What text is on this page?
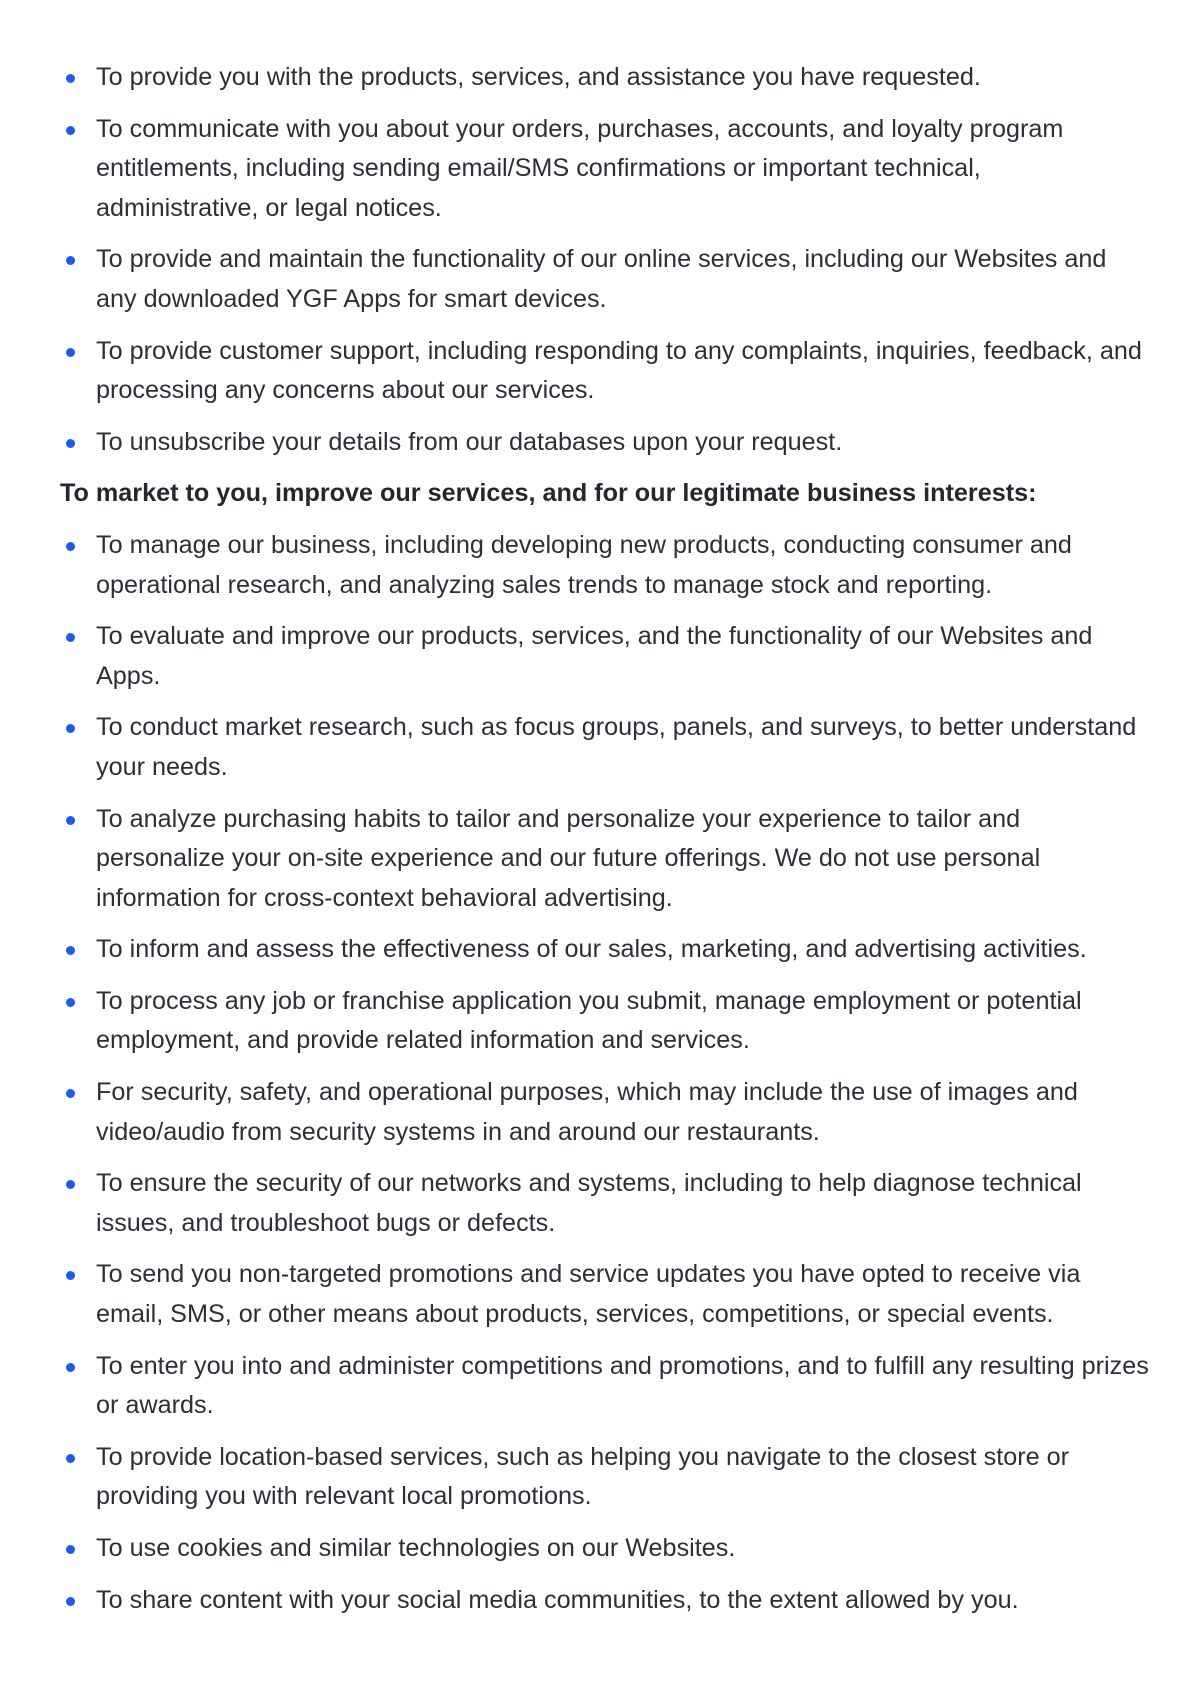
To provide you with the products, services, and assistance you have requested.
To communicate with you about your orders, purchases, accounts, and loyalty program entitlements, including sending email/SMS confirmations or important technical, administrative, or legal notices.
To provide and maintain the functionality of our online services, including our Websites and any downloaded YGF Apps for smart devices.
To provide customer support, including responding to any complaints, inquiries, feedback, and processing any concerns about our services.
To unsubscribe your details from our databases upon your request.
To market to you, improve our services, and for our legitimate business interests:
To manage our business, including developing new products, conducting consumer and operational research, and analyzing sales trends to manage stock and reporting.
To evaluate and improve our products, services, and the functionality of our Websites and Apps.
To conduct market research, such as focus groups, panels, and surveys, to better understand your needs.
To analyze purchasing habits to tailor and personalize your experience to tailor and personalize your on-site experience and our future offerings. We do not use personal information for cross-context behavioral advertising.
To inform and assess the effectiveness of our sales, marketing, and advertising activities.
To process any job or franchise application you submit, manage employment or potential employment, and provide related information and services.
For security, safety, and operational purposes, which may include the use of images and video/audio from security systems in and around our restaurants.
To ensure the security of our networks and systems, including to help diagnose technical issues, and troubleshoot bugs or defects.
To send you non-targeted promotions and service updates you have opted to receive via email, SMS, or other means about products, services, competitions, or special events.
To enter you into and administer competitions and promotions, and to fulfill any resulting prizes or awards.
To provide location-based services, such as helping you navigate to the closest store or providing you with relevant local promotions.
To use cookies and similar technologies on our Websites.
To share content with your social media communities, to the extent allowed by you.
